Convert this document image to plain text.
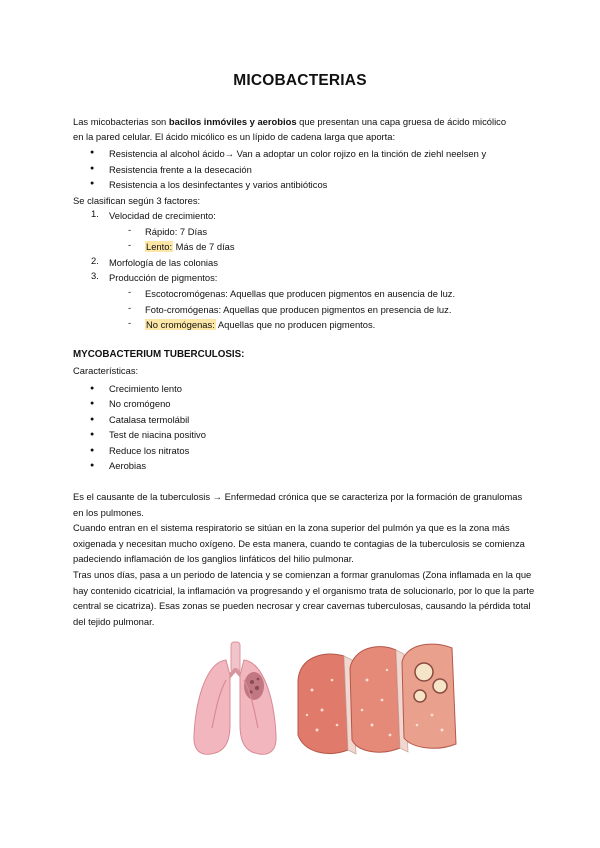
MICOBACTERIAS
Las micobacterias son bacilos inmóviles y aerobios que presentan una capa gruesa de ácido micólico
en la pared celular. El ácido micólico es un lípido de cadena larga que aporta:
● Resistencia al alcohol ácido→ Van a adoptar un color rojizo en la tinción de ziehl neelsen y
● Resistencia frente a la desecación
● Resistencia a los desinfectantes y varios antibióticos
Se clasifican según 3 factores:
1. Velocidad de crecimiento:
- Rápido: 7 Días
- Lento: Más de 7 días
2. Morfología de las colonias
3. Producción de pigmentos:
- Escotocromógenas: Aquellas que producen pigmentos en ausencia de luz.
- Foto-cromógenas: Aquellas que producen pigmentos en presencia de luz.
- No cromógenas: Aquellas que no producen pigmentos.
MYCOBACTERIUM TUBERCULOSIS:
Características:
● Crecimiento lento
● No cromógeno
● Catalasa termolábil
● Test de niacina positivo
● Reduce los nitratos
● Aerobias
Es el causante de la tuberculosis → Enfermedad crónica que se caracteriza por la formación de granulomas en los pulmones.
Cuando entran en el sistema respiratorio se sitúan en la zona superior del pulmón ya que es la zona más oxigenada y necesitan mucho oxígeno. De esta manera, cuando te contagias de la tuberculosis se comienza padeciendo inflamación de los ganglios linfáticos del hilio pulmonar.
Tras unos días, pasa a un periodo de latencia y se comienzan a formar granulomas (Zona inflamada en la que hay contenido cicatricial, la inflamación va progresando y el organismo trata de solucionarlo, por lo que la parte central se cicatriza). Esas zonas se pueden necrosar y crear cavernas tuberculosas, causando la pérdida total del tejido pulmonar.
